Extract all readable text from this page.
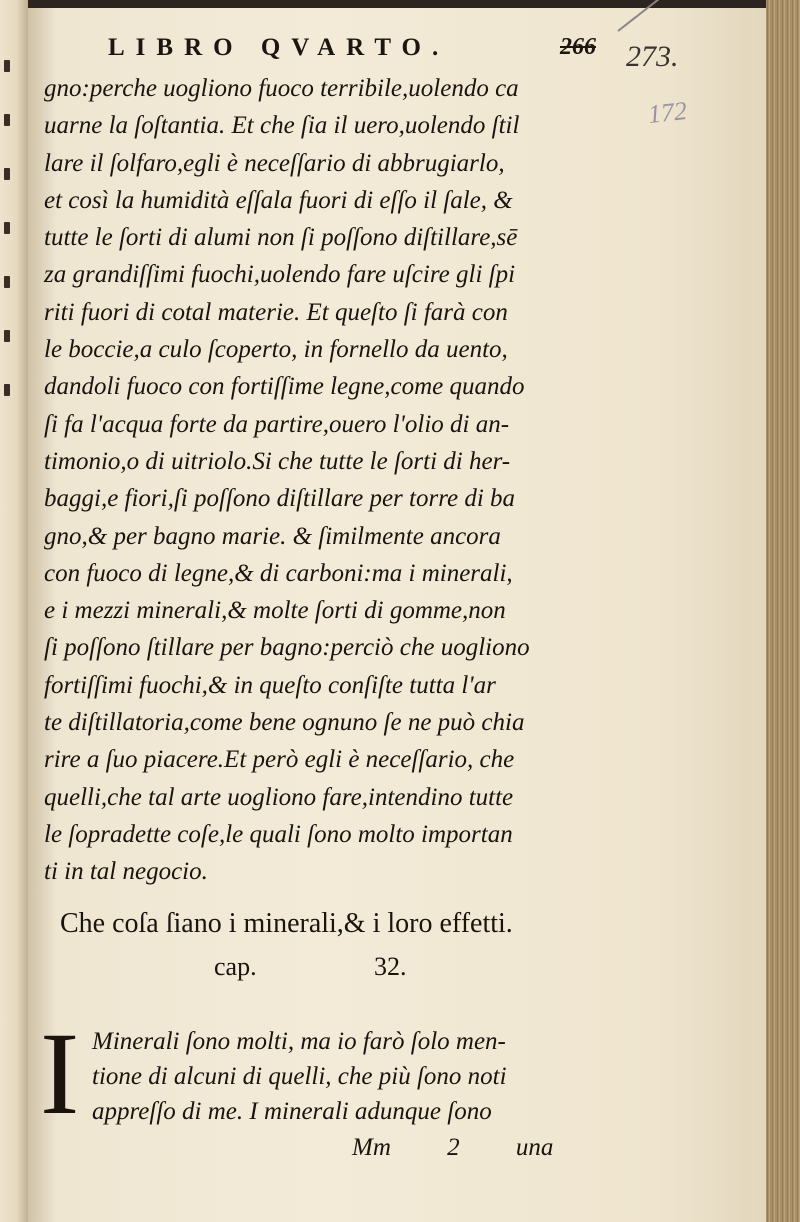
LIBRO QVARTO.	266 273.
172
gno:perche uogliono fuoco terribile,uolendo ca
uarne la ſoſtantia. Et che ſia il uero,uolendo ſtil
lare il ſolfaro,egli è neceſſario di abbrugiarlo,
et così la humidità eſſala fuori di eſſo il ſale, &
tutte le ſorti di alumi non ſi poſſono diſtillare,sē
za grandiſſimi fuochi,uolendo fare uſcire gli ſpi
riti fuori di cotal materie. Et queſto ſi farà con
le boccie,a culo ſcoperto, in fornello da uento,
dandoli fuoco con fortiſſime legne,come quando
ſi fa l'acqua forte da partire,ouero l'olio di an-
timonio,o di uitriolo.Si che tutte le ſorti di her-
baggi,e fiori,ſi poſſono diſtillare per torre di ba
gno,& per bagno marie. & ſimilmente ancora
con fuoco di legne,& di carboni:ma i minerali,
e i mezzi minerali,& molte ſorti di gomme,non
ſi poſſono ſtillare per bagno:perciò che uogliono
fortiſſimi fuochi,& in queſto conſiſte tutta l'ar
te diſtillatoria,come bene ognuno ſe ne può chia
rire a ſuo piacere.Et però egli è neceſſario, che
quelli,che tal arte uogliono fare,intendino tutte
le ſopradette coſe,le quali ſono molto importan
ti in tal negocio.
Che coſa ſiano i minerali,& i loro effetti.
cap.	32.
I Minerali ſono molti, ma io farò ſolo men-
tione di alcuni di quelli, che più ſono noti
appreſſo di me. I minerali adunque ſono
Mm 2 una
